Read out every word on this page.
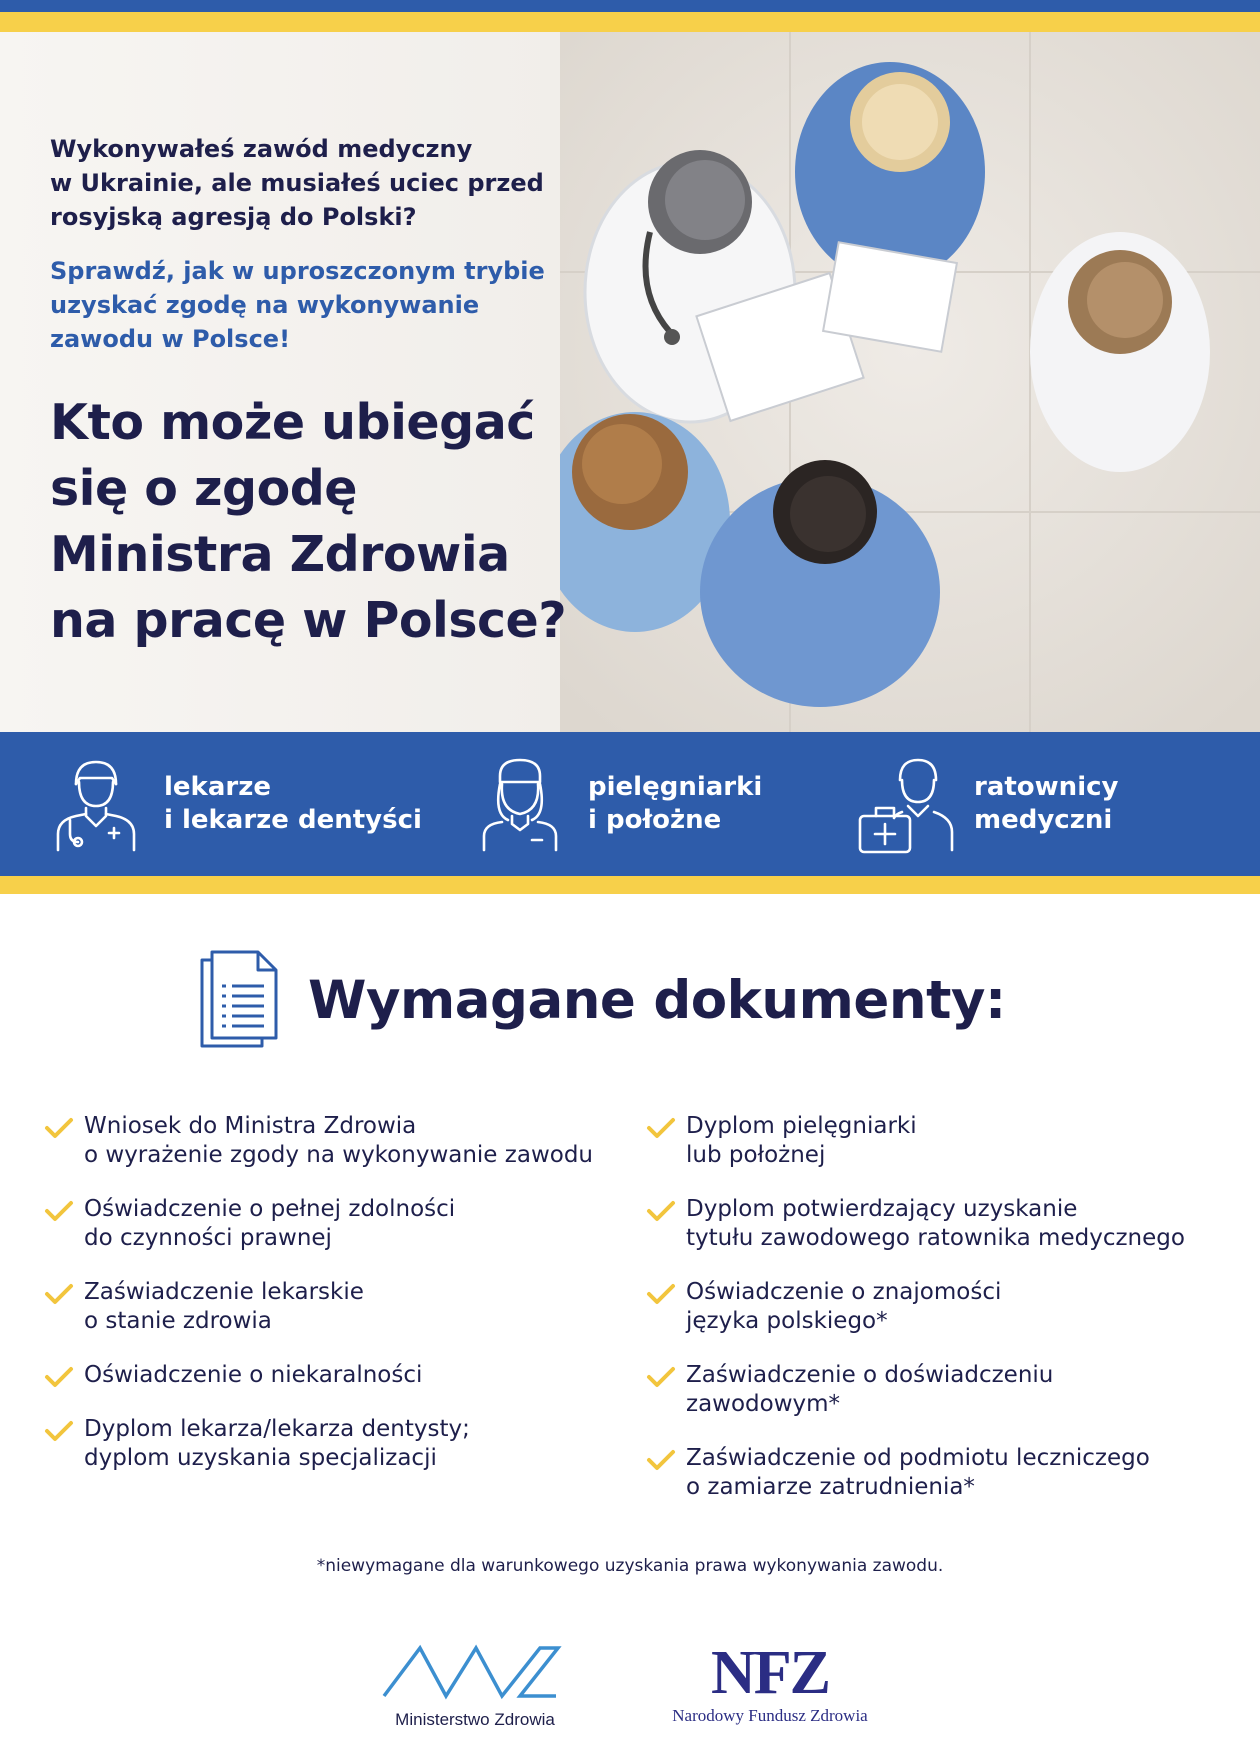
Wykonywałeś zawód medyczny
w Ukrainie, ale musiałeś uciec przed
rosyjską agresją do Polski?

Sprawdź, jak w uproszczonym trybie
uzyskać zgodę na wykonywanie
zawodu w Polsce!

Kto może ubiegać
się o zgodę
Ministra Zdrowia
na pracę w Polsce?
lekarze
i lekarze dentyści
pielęgniarki
i położne
ratownicy
medyczni
Wymagane dokumenty:
Wniosek do Ministra Zdrowia
o wyrażenie zgody na wykonywanie zawodu
Oświadczenie o pełnej zdolności
do czynności prawnej
Zaświadczenie lekarskie
o stanie zdrowia
Oświadczenie o niekaralności
Dyplom lekarza/lekarza dentysty;
dyplom uzyskania specjalizacji
Dyplom pielęgniarki
lub położnej
Dyplom potwierdzający uzyskanie
tytułu zawodowego ratownika medycznego
Oświadczenie o znajomości
języka polskiego*
Zaświadczenie o doświadczeniu
zawodowym*
Zaświadczenie od podmiotu leczniczego
o zamiarze zatrudnienia*
*niewymagane dla warunkowego uzyskania prawa wykonywania zawodu.
Ministerstwo Zdrowia
NFZ
Narodowy Fundusz Zdrowia
